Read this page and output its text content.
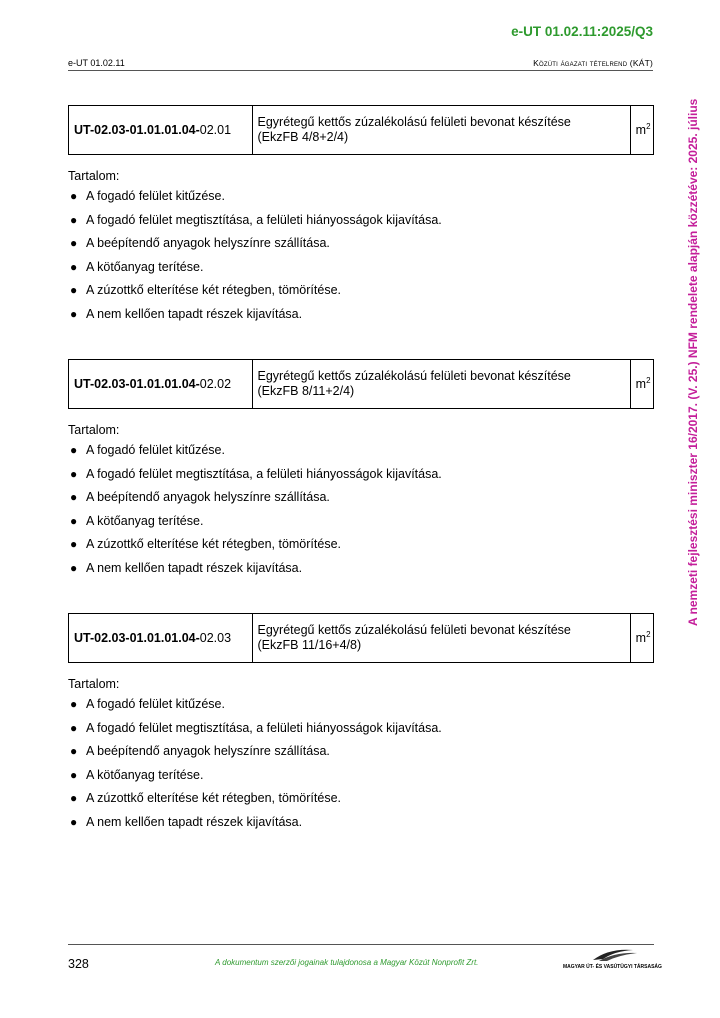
e-UT 01.02.11:2025/Q3
e-UT 01.02.11	Közúti ágazati tételrend (KÁT)
A nemzeti fejlesztési miniszter 16/2017. (V. 25.) NFM rendelete alapján közzétéve: 2025. július
UT-02.03-01.01.01.04-02.01	Egyrétegű kettős zúzalékolású felületi bevonat készítése
(EkzFB 4/8+2/4)	$m^2$
Tartalom:
● A fogadó felület kitűzése.
● A fogadó felület megtisztítása, a felületi hiányosságok kijavítása.
● A beépítendő anyagok helyszínre szállítása.
● A kötőanyag terítése.
● A zúzottkő elterítése két rétegben, tömörítése.
● A nem kellően tapadt részek kijavítása.
UT-02.03-01.01.01.04-02.02	Egyrétegű kettős zúzalékolású felületi bevonat készítése
(EkzFB 8/11+2/4)	$m^2$
Tartalom:
● A fogadó felület kitűzése.
● A fogadó felület megtisztítása, a felületi hiányosságok kijavítása.
● A beépítendő anyagok helyszínre szállítása.
● A kötőanyag terítése.
● A zúzottkő elterítése két rétegben, tömörítése.
● A nem kellően tapadt részek kijavítása.
UT-02.03-01.01.01.04-02.03	Egyrétegű kettős zúzalékolású felületi bevonat készítése
(EkzFB 11/16+4/8)	$m^2$
Tartalom:
● A fogadó felület kitűzése.
● A fogadó felület megtisztítása, a felületi hiányosságok kijavítása.
● A beépítendő anyagok helyszínre szállítása.
● A kötőanyag terítése.
● A zúzottkő elterítése két rétegben, tömörítése.
● A nem kellően tapadt részek kijavítása.
328	A dokumentum szerzői jogainak tulajdonosa a Magyar Közút Nonprofit Zrt.	MAGYAR ÚT- ÉS VASÚTÜGYI TÁRSASÁG
